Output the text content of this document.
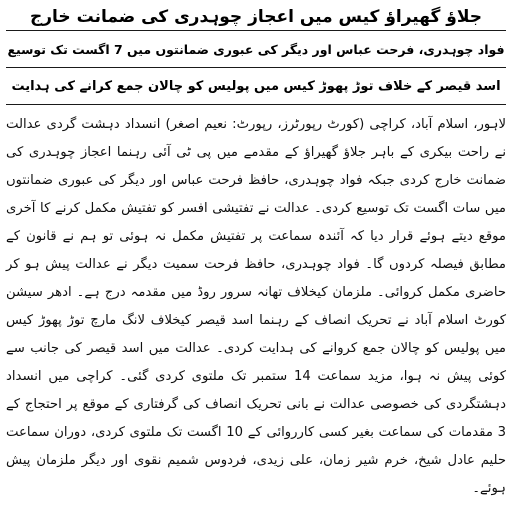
جلاؤ گھیراؤ کیس میں اعجاز چوہدری کی ضمانت خارج
فواد چوہدری، فرحت عباس اور دیگر کی عبوری ضمانتوں میں 7 اگست تک توسیع
اسد قیصر کے خلاف توڑ پھوڑ کیس میں پولیس کو چالان جمع کرانے کی ہدایت
لاہور، اسلام آباد، کراچی (کورٹ رپورٹرز، رپورٹ: نعیم اصغر) انسداد دہشت گردی عدالت نے راحت بیکری کے باہر جلاؤ گھیراؤ کے مقدمے میں پی ٹی آئی رہنما اعجاز چوہدری کی ضمانت خارج کردی جبکہ فواد چوہدری، حافظ فرحت عباس اور دیگر کی عبوری ضمانتوں میں سات اگست تک توسیع کردی۔ عدالت نے تفتیشی افسر کو تفتیش مکمل کرنے کا آخری موقع دیتے ہوئے قرار دیا کہ آئندہ سماعت پر تفتیش مکمل نہ ہوئی تو ہم نے قانون کے مطابق فیصلہ کردوں گا۔ فواد چوہدری، حافظ فرحت سمیت دیگر نے عدالت پیش ہو کر حاضری مکمل کروائی۔ ملزمان کیخلاف تھانہ سرور روڈ میں مقدمہ درج ہے۔ ادھر سیشن کورٹ اسلام آباد نے تحریک انصاف کے رہنما اسد قیصر کیخلاف لانگ مارچ توڑ پھوڑ کیس میں پولیس کو چالان جمع کروانے کی ہدایت کردی۔ عدالت میں اسد قیصر کی جانب سے کوئی پیش نہ ہوا، مزید سماعت 14 ستمبر تک ملتوی کردی گئی۔ کراچی میں انسداد دہشتگردی کی خصوصی عدالت نے بانی تحریک انصاف کی گرفتاری کے موقع پر احتجاج کے 3 مقدمات کی سماعت بغیر کسی کارروائی کے 10 اگست تک ملتوی کردی، دوران سماعت حلیم عادل شیخ، خرم شیر زمان، علی زیدی، فردوس شمیم نقوی اور دیگر ملزمان پیش ہوئے۔
